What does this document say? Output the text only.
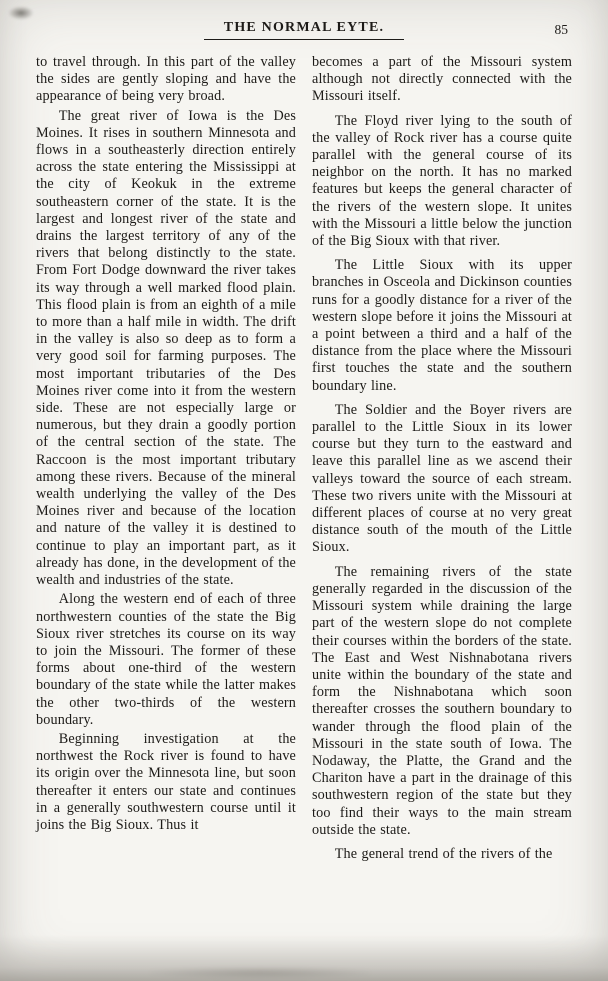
THE NORMAL EYTE.	85

to travel through. In this part of the valley the sides are gently sloping and have the appearance of being very broad.

The great river of Iowa is the Des Moines. It rises in southern Minnesota and flows in a southeasterly direction entirely across the state entering the Mississippi at the city of Keokuk in the extreme southeastern corner of the state. It is the largest and longest river of the state and drains the largest territory of any of the rivers that belong distinctly to the state. From Fort Dodge downward the river takes its way through a well marked flood plain. This flood plain is from an eighth of a mile to more than a half mile in width. The drift in the valley is also so deep as to form a very good soil for farming purposes. The most important tributaries of the Des Moines river come into it from the western side. These are not especially large or numerous, but they drain a goodly portion of the central section of the state. The Raccoon is the most important tributary among these rivers. Because of the mineral wealth underlying the valley of the Des Moines river and because of the location and nature of the valley it is destined to continue to play an important part, as it already has done, in the development of the wealth and industries of the state.

Along the western end of each of three northwestern counties of the state the Big Sioux river stretches its course on its way to join the Missouri. The former of these forms about one-third of the western boundary of the state while the latter makes the other two-thirds of the western boundary.

Beginning investigation at the northwest the Rock river is found to have its origin over the Minnesota line, but soon thereafter it enters our state and continues in a generally southwestern course until it joins the Big Sioux. Thus it

becomes a part of the Missouri system although not directly connected with the Missouri itself.

The Floyd river lying to the south of the valley of Rock river has a course quite parallel with the general course of its neighbor on the north. It has no marked features but keeps the general character of the rivers of the western slope. It unites with the Missouri a little below the junction of the Big Sioux with that river.

The Little Sioux with its upper branches in Osceola and Dickinson counties runs for a goodly distance for a river of the western slope before it joins the Missouri at a point between a third and a half of the distance from the place where the Missouri first touches the state and the southern boundary line.

The Soldier and the Boyer rivers are parallel to the Little Sioux in its lower course but they turn to the eastward and leave this parallel line as we ascend their valleys toward the source of each stream. These two rivers unite with the Missouri at different places of course at no very great distance south of the mouth of the Little Sioux.

The remaining rivers of the state generally regarded in the discussion of the Missouri system while draining the large part of the western slope do not complete their courses within the borders of the state. The East and West Nishnabotana rivers unite within the boundary of the state and form the Nishnabotana which soon thereafter crosses the southern boundary to wander through the flood plain of the Missouri in the state south of Iowa. The Nodaway, the Platte, the Grand and the Chariton have a part in the drainage of this southwestern region of the state but they too find their ways to the main stream outside the state.

The general trend of the rivers of the
